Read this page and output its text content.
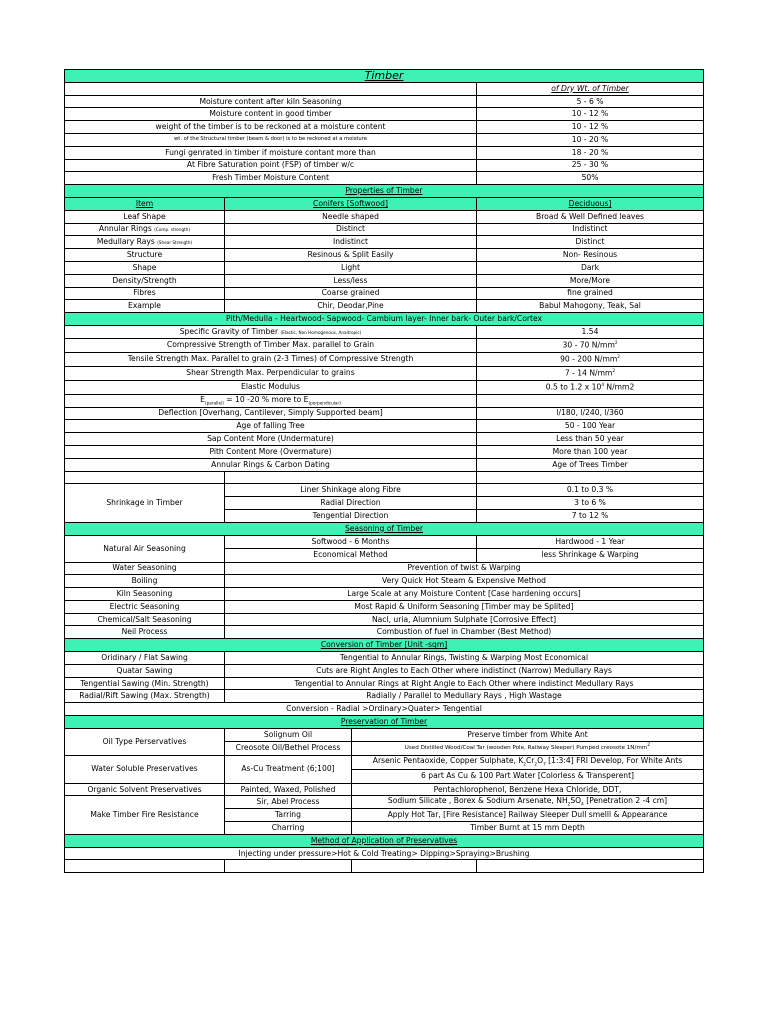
Timber			
			of Dry Wt. of Timber
Moisture content after kiln Seasoning			5 - 6 %
Moisture content in good timber			10 - 12 %
weight of the timber is to be reckoned at a moisture content			10 - 12 %
wt. of the Structural timber (beam & door) is to be reckoned at a moisture			10 - 20 %
Fungi genrated in timber if moisture contant more than			18 - 20 %
At Fibre Saturation point (FSP) of timber w/c			25 - 30 %
Fresh Timber Moisture Content			50%
Properties of Timber			
Item	Conifers [Softwood]		Deciduous]
Leaf Shape	Needle shaped		Broad & Well Defined leaves
Annular Rings (Comp. strength)	Distinct		Indistinct
Medullary Rays (Shear Strength)	Indistinct		Distinct
Structure	Resinous & Split Easily		Non- Resinous
Shape	Light		Dark
Density/Strength	Less/less		More/More
Fibres	Coarse grained		fine grained
Example	Chir, Deodar,Pine		Babul Mahogony, Teak, Sal
Pith/Medulla - Heartwood- Sapwood- Cambium layer- Inner bark- Outer bark/Cortex			
Specific Gravity of Timber (Elastic, Non Homogenous, Anaitropic)			1.54
Compressive Strength of Timber Max. parallel to Grain			30 - 70 $N/mm^2$
Tensile Strength Max. Parallel to grain (2-3 Times) of Compressive Strength			90 - 200 $N/mm^2$
Shear Strength Max. Perpendicular to grains			7 - 14 $N/mm^2$
Elastic Modulus			0.5 to 1.2 x $10^4$ N/mm2
$E_{(parallel)} = 10$ -20 % more to $E_{(perpendicular)}$	
Deflection [Overhang, Cantilever, Simply Supported beam]			l/180, l/240, l/360
Age of falling Tree			50 - 100 Year
Sap Content More (Undermature)			Less than 50 year
Pith Content More (Overmature)			More than 100 year
Annular Rings & Carbon Dating			Age of Trees Timber

Shrinkage in Timber	Liner Shinkage along Fibre		0.1 to 0.3 %
	Radial Direction		3 to 6 %
	Tengential Direction		7 to 12 %
Seasoning of Timber			
Natural Air Seasoning	Softwood - 6 Months		Hardwood - 1 Year
	Economical Method		less Shrinkage & Warping
Water Seasoning	Prevention of twist & Warping		
Boiling	Very Quick Hot Steam & Expensive Method		
Kiln Seasoning	Large Scale at any Moisture Content [Case hardening occurs]		
Electric Seasoning	Most Rapid & Uniform Seasoning [Timber may be Splited]		
Chemical/Salt Seasoning	Nacl, uria, Alumnium Sulphate [Corrosive Effect]		
Neil Process	Combustion of fuel in Chamber (Best Method)		
Conversion of Timber [Unit -sqm]			
Oridinary / Flat Sawing	Tengential to Annular Rings, Twisting & Warping Most Economical		
Quatar Sawing	Cuts are Right Angles to Each Other where indistinct (Narrow) Medullary Rays		
Tengential Sawing (Min. Strength)	Tengential to Annular Rings at Right Angle to Each Other where indistinct Medullary Rays		
Radial/Rift Sawing (Max. Strength)	Radially / Parallel to Medullary Rays , High Wastage		
Conversion - Radial >Ordinary>Quater> Tengential			
Preservation of Timber			
Oil Type Perservatives	Solignum Oil	Preserve timber from White Ant	
	Creosote Oil/Bethel Process	Used Distilled Wood/Coal Tar (wooden Pole, Railway Sleeper) Pumped creosote $1N/mm^2$
Water Soluble Preservatives	As-Cu Treatment (6;100]	Arsenic Pentaoxide, Copper Sulphate, $K_2Cr_2O_7$ [1:3:4] FRI Develop, For White Ants	
		6 part As Cu & 100 Part Water [Colorless & Transperent]	
Organic Solvent Preservatives	Painted, Waxed, Polished	Pentachlorophenol, Benzene Hexa Chloride, DDT,	
Make Timber Fire Resistance	Sir, Abel Process	Sodium Silicate , Borex & Sodium Arsenate, $NH_2SO_4$ [Penetration 2 -4 cm]	
	Tarring	Apply Hot Tar, [Fire Resistance] Railway Sleeper Dull smelll & Appearance	
	Charring	Timber Burnt at 15 mm Depth	
Method of Application of Preservatives			
Injecting under pressure>Hot & Cold Treating> Dipping>Spraying>Brushing			
